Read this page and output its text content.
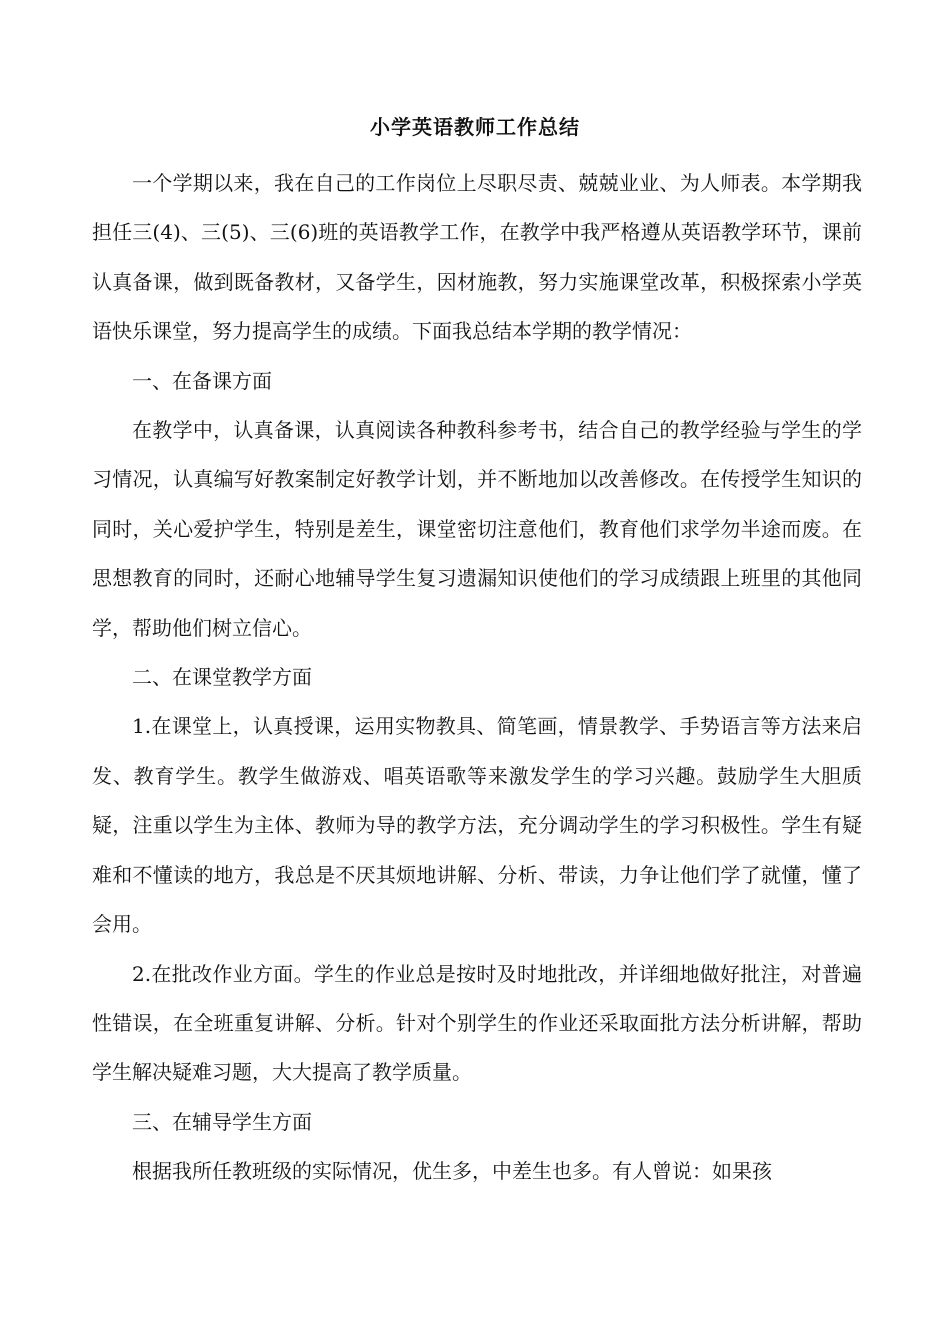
小学英语教师工作总结

一个学期以来，我在自己的工作岗位上尽职尽责、兢兢业业、为人师表。本学期我担任三(4)、三(5)、三(6)班的英语教学工作，在教学中我严格遵从英语教学环节，课前认真备课，做到既备教材，又备学生，因材施教，努力实施课堂改革，积极探索小学英语快乐课堂，努力提高学生的成绩。下面我总结本学期的教学情况：

一、在备课方面

在教学中，认真备课，认真阅读各种教科参考书，结合自己的教学经验与学生的学习情况，认真编写好教案制定好教学计划，并不断地加以改善修改。在传授学生知识的同时，关心爱护学生，特别是差生，课堂密切注意他们，教育他们求学勿半途而废。在思想教育的同时，还耐心地辅导学生复习遗漏知识使他们的学习成绩跟上班里的其他同学，帮助他们树立信心。

二、在课堂教学方面

1.在课堂上，认真授课，运用实物教具、简笔画，情景教学、手势语言等方法来启发、教育学生。教学生做游戏、唱英语歌等来激发学生的学习兴趣。鼓励学生大胆质疑，注重以学生为主体、教师为导的教学方法，充分调动学生的学习积极性。学生有疑难和不懂读的地方，我总是不厌其烦地讲解、分析、带读，力争让他们学了就懂，懂了会用。

2.在批改作业方面。学生的作业总是按时及时地批改，并详细地做好批注，对普遍性错误，在全班重复讲解、分析。针对个别学生的作业还采取面批方法分析讲解，帮助学生解决疑难习题，大大提高了教学质量。

三、在辅导学生方面

根据我所任教班级的实际情况，优生多，中差生也多。有人曾说：如果孩
